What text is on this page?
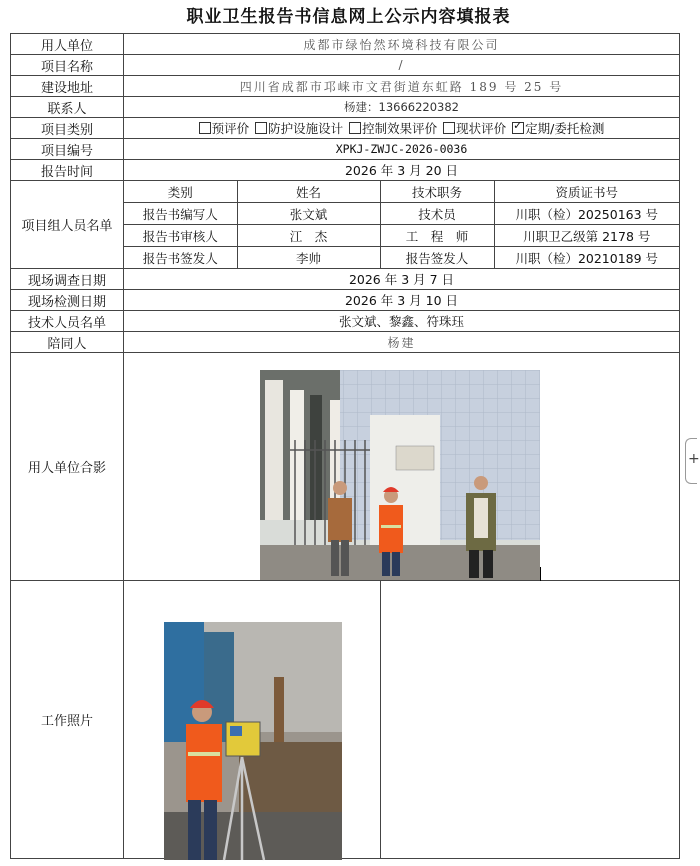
职业卫生报告书信息网上公示内容填报表
用人单位	成都市绿怡然环境科技有限公司
项目名称	/
建设地址	四川省成都市邛崃市文君街道东虹路 189 号 25 号
联系人	杨建：13666220382
项目类别	预评价 防护设施设计 控制效果评价 现状评价✓ 定期/委托检测
项目编号	XPKJ-ZWJC-2026-0036
报告时间	2026 年 3 月 20 日
项目组人员名单	
类别	姓名	技术职务	资质证书号
报告书编写人	张文斌	技术员	川职（检）20250163 号
报告书审核人	江　杰	工　程　师	川职卫乙级第 2178 号
报告书签发人	李帅	报告签发人	川职（检）20210189 号

现场调查日期	2026 年 3 月 7 日
现场检测日期	2026 年 3 月 10 日
技术人员名单	张文斌、黎鑫、符珠珏
陪同人	杨建
用人单位合影	
工作照片		
+
